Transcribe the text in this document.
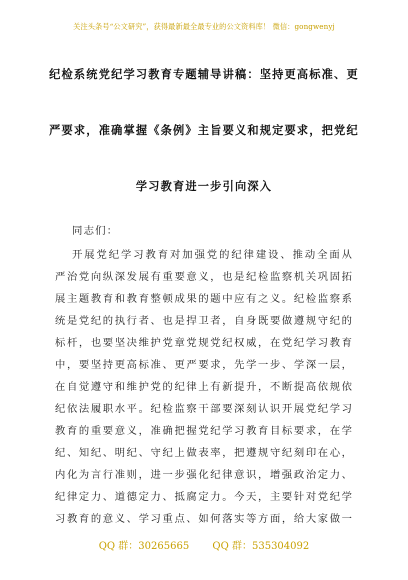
关注头条号“公文研究”，获得最新最全最专业的公文资料库！ 微信：gongwenyj
纪检系统党纪学习教育专题辅导讲稿：坚持更高标准、更
严要求，准确掌握《条例》主旨要义和规定要求，把党纪
学习教育进一步引向深入
同志们：
开展党纪学习教育对加强党的纪律建设、推动全面从
严治党向纵深发展有重要意义，也是纪检监察机关巩固拓
展主题教育和教育整顿成果的题中应有之义。纪检监察系
统是党纪的执行者、也是捍卫者，自身既要做遵规守纪的
标杆，也要坚决维护党章党规党纪权威，在党纪学习教育
中，要坚持更高标准、更严要求，先学一步、学深一层，
在自觉遵守和维护党的纪律上有新提升，不断提高依规依
纪依法履职水平。纪检监察干部要深刻认识开展党纪学习
教育的重要意义，准确把握党纪学习教育目标要求，在学
纪、知纪、明纪、守纪上做表率，把遵规守纪刻印在心，
内化为言行准则，进一步强化纪律意识，增强政治定力、
纪律定力、道德定力、抵腐定力。今天，主要针对党纪学
习教育的意义、学习重点、如何落实等方面，给大家做一
QQ 群：30265665 QQ 群：535304092
